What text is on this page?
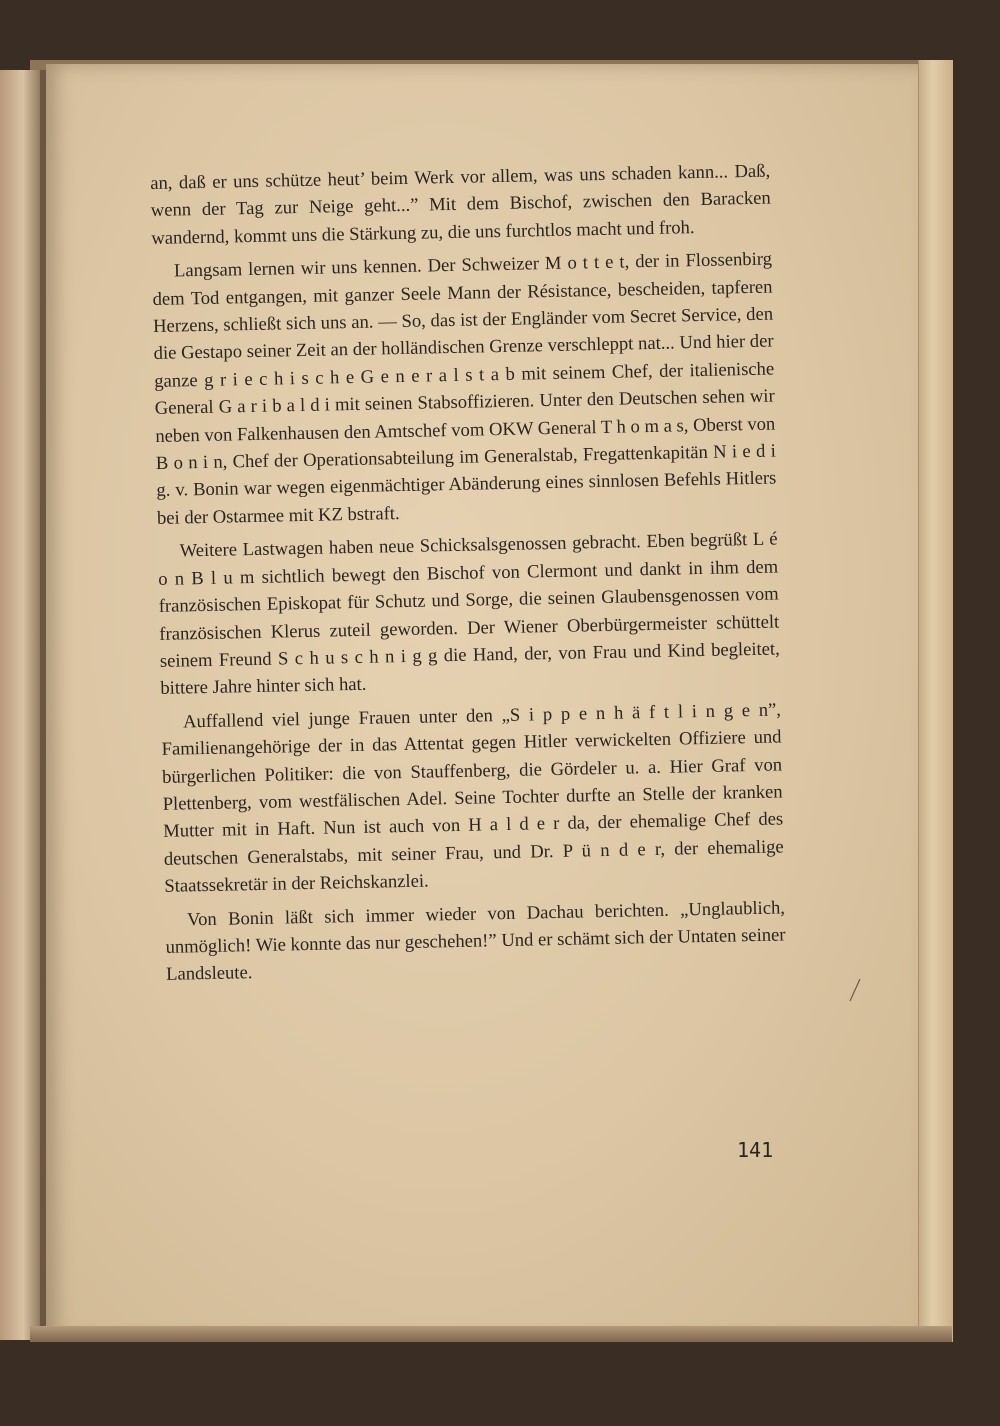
an, daß er uns schütze heut’ beim Werk vor allem, was uns schaden kann... Daß, wenn der Tag zur Neige geht...” Mit dem Bischof, zwischen den Baracken wandernd, kommt uns die Stärkung zu, die uns furchtlos macht und froh.

Langsam lernen wir uns kennen. Der Schweizer M o t t e t, der in Flossenbirg dem Tod entgangen, mit ganzer Seele Mann der Résistance, bescheiden, tapferen Herzens, schließt sich uns an. — So, das ist der Engländer vom Secret Service, den die Gestapo seiner Zeit an der holländischen Grenze verschleppt nat... Und hier der ganze g r i e c h i s c h e G e n e r a l s t a b mit seinem Chef, der italienische General G a r i b a l d i mit seinen Stabsoffizieren. Unter den Deutschen sehen wir neben von Falkenhausen den Amtschef vom OKW General T h o m a s, Oberst von B o n i n, Chef der Operationsabteilung im Generalstab, Fregattenkapitän N i e d i g. v. Bonin war wegen eigenmächtiger Abänderung eines sinnlosen Befehls Hitlers bei der Ostarmee mit KZ bstraft.

Weitere Lastwagen haben neue Schicksalsgenossen gebracht. Eben begrüßt L é o n B l u m sichtlich bewegt den Bischof von Clermont und dankt in ihm dem französischen Episkopat für Schutz und Sorge, die seinen Glaubensgenossen vom französischen Klerus zuteil geworden. Der Wiener Oberbürgermeister schüttelt seinem Freund S c h u s c h n i g g die Hand, der, von Frau und Kind begleitet, bittere Jahre hinter sich hat.

Auffallend viel junge Frauen unter den „S i p p e n h ä f t l i n g e n”, Familienangehörige der in das Attentat gegen Hitler verwickelten Offiziere und bürgerlichen Politiker: die von Stauffenberg, die Gördeler u. a. Hier Graf von Plettenberg, vom westfälischen Adel. Seine Tochter durfte an Stelle der kranken Mutter mit in Haft. Nun ist auch von H a l d e r da, der ehemalige Chef des deutschen Generalstabs, mit seiner Frau, und Dr. P ü n d e r, der ehemalige Staatssekretär in der Reichskanzlei.

Von Bonin läßt sich immer wieder von Dachau berichten. „Unglaublich, unmöglich! Wie konnte das nur geschehen!” Und er schämt sich der Untaten seiner Landsleute.

141
